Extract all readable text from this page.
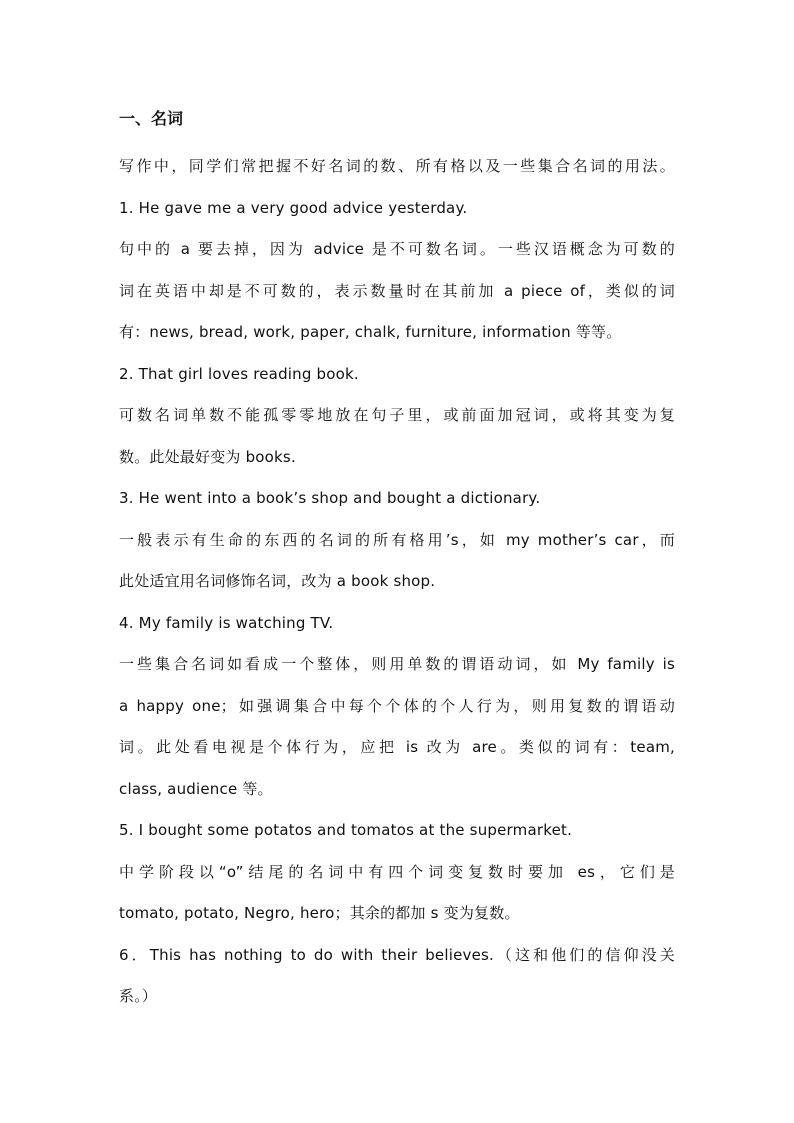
一、名词
写作中，同学们常把握不好名词的数、所有格以及一些集合名词的用法。
1. He gave me a very good advice yesterday.
句中的 a 要去掉，因为 advice 是不可数名词。一些汉语概念为可数的
词在英语中却是不可数的，表示数量时在其前加 a piece of，类似的词
有：news, bread, work, paper, chalk, furniture, information 等等。
2. That girl loves reading book.
可数名词单数不能孤零零地放在句子里，或前面加冠词，或将其变为复
数。此处最好变为 books.
3. He went into a book’s shop and bought a dictionary.
一般表示有生命的东西的名词的所有格用’s，如 my mother’s car，而
此处适宜用名词修饰名词，改为 a book shop.
4. My family is watching TV.
一些集合名词如看成一个整体，则用单数的谓语动词，如 My family is
a happy one；如强调集合中每个个体的个人行为，则用复数的谓语动
词。此处看电视是个体行为，应把 is 改为 are。类似的词有：team,
class, audience 等。
5. I bought some potatos and tomatos at the supermarket.
中学阶段以“o”结尾的名词中有四个词变复数时要加 es，它们是
tomato, potato, Negro, hero；其余的都加 s 变为复数。
6．This has nothing to do with their believes.（这和他们的信仰没关
系。）
